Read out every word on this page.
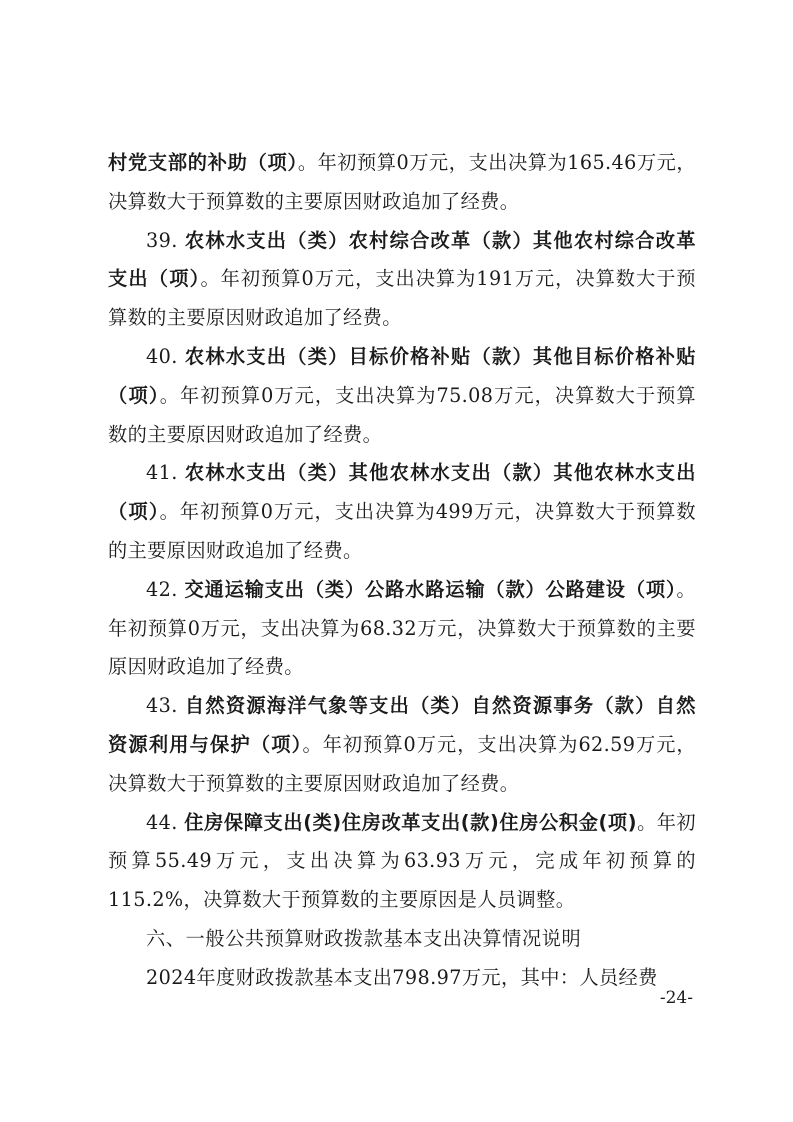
村党支部的补助（项）。年初预算0万元，支出决算为165.46万元，决算数大于预算数的主要原因财政追加了经费。

39. 农林水支出（类）农村综合改革（款）其他农村综合改革支出（项）。年初预算0万元，支出决算为191万元，决算数大于预算数的主要原因财政追加了经费。

40. 农林水支出（类）目标价格补贴（款）其他目标价格补贴（项）。年初预算0万元，支出决算为75.08万元，决算数大于预算数的主要原因财政追加了经费。

41. 农林水支出（类）其他农林水支出（款）其他农林水支出（项）。年初预算0万元，支出决算为499万元，决算数大于预算数的主要原因财政追加了经费。

42. 交通运输支出（类）公路水路运输（款）公路建设（项）。年初预算0万元，支出决算为68.32万元，决算数大于预算数的主要原因财政追加了经费。

43. 自然资源海洋气象等支出（类）自然资源事务（款）自然资源利用与保护（项）。年初预算0万元，支出决算为62.59万元，决算数大于预算数的主要原因财政追加了经费。

44. 住房保障支出(类)住房改革支出(款)住房公积金(项)。年初预算55.49万元，支出决算为63.93万元，完成年初预算的115.2%，决算数大于预算数的主要原因是人员调整。

六、一般公共预算财政拨款基本支出决算情况说明

2024年度财政拨款基本支出798.97万元，其中：人员经费

-24-
